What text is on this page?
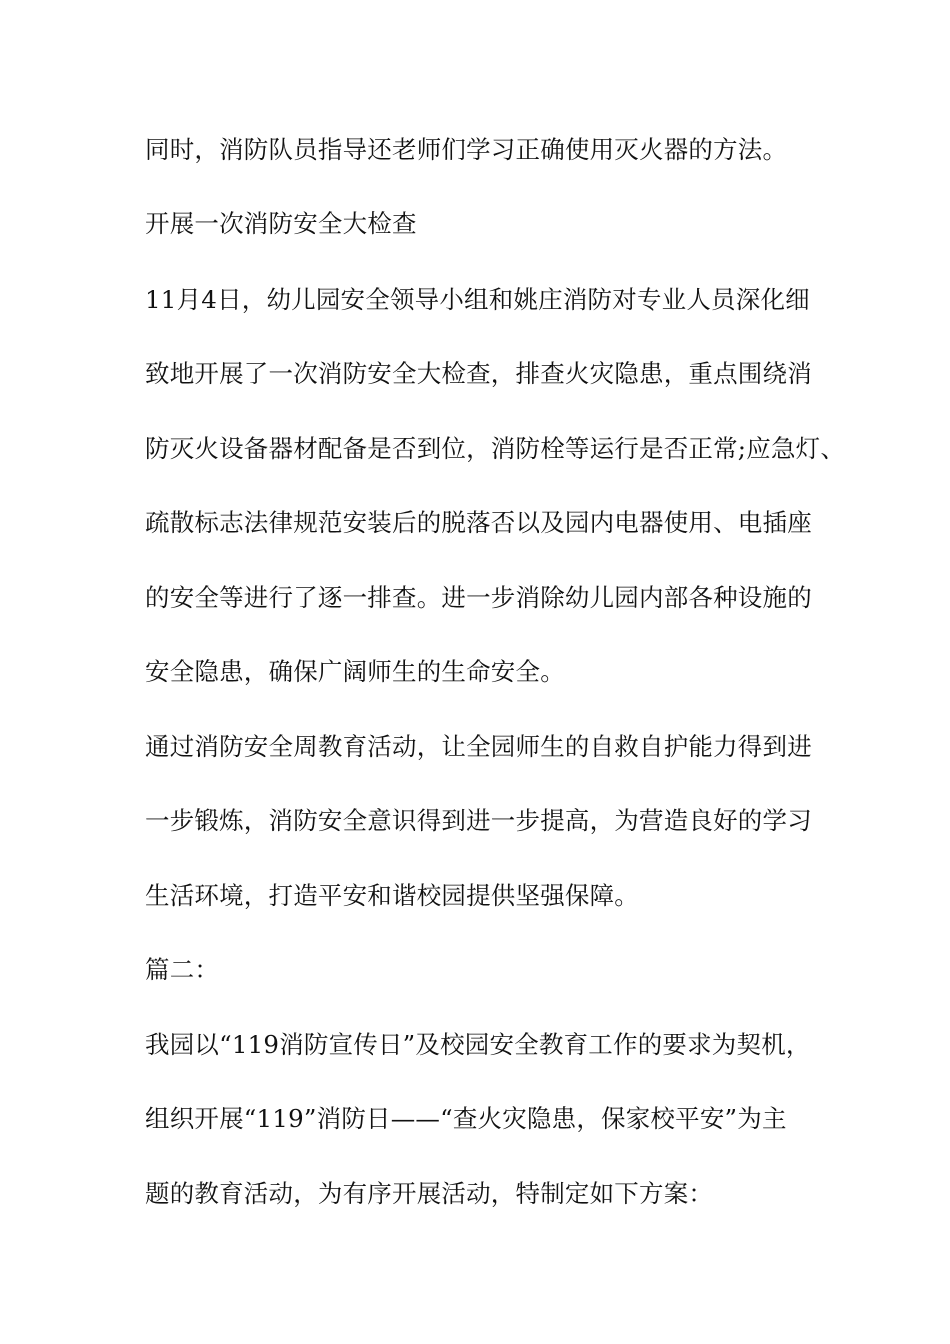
同时，消防队员指导还老师们学习正确使用灭火器的方法。
开展一次消防安全大检查
11月4日，幼儿园安全领导小组和姚庄消防对专业人员深化细
致地开展了一次消防安全大检查，排查火灾隐患，重点围绕消
防灭火设备器材配备是否到位，消防栓等运行是否正常;应急灯、
疏散标志法律规范安装后的脱落否以及园内电器使用、电插座
的安全等进行了逐一排查。进一步消除幼儿园内部各种设施的
安全隐患，确保广阔师生的生命安全。
通过消防安全周教育活动，让全园师生的自救自护能力得到进
一步锻炼，消防安全意识得到进一步提高，为营造良好的学习
生活环境，打造平安和谐校园提供坚强保障。
篇二：
我园以“119消防宣传日”及校园安全教育工作的要求为契机，
组织开展“119”消防日——“查火灾隐患，保家校平安”为主
题的教育活动，为有序开展活动，特制定如下方案：
